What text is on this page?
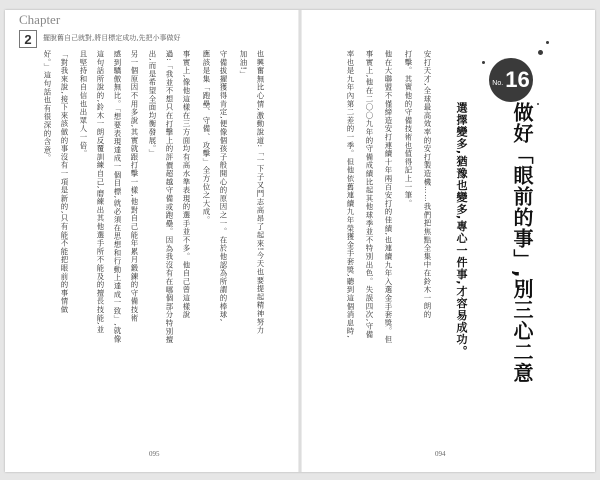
Chapter
2	擺脫舊自己就對,將目標定成功,先把小事做好
也興奮無比心情,激動說道:「一下子又鬥志高昂了起來!今天也要提起精神努力
加油!」
守備拔擢獲得肯定,便像個孩子般開心的原因之一。在於他認為所謂的棒球,
應該是集「跑壘、守備、攻擊」全方位之大成。
事實上,像他這樣在三方面均有高水準表現的選手並不多。他自己曾這樣說
過:「我並不想只在打擊上的評價超越守備或跑壘。因為我沒有在哪個部分特別擅
出,而是希望全面均衡發展。」
另一個原因不用多說,其實就跟打擊一樣,他對自己能年累月鍛鍊的守備技術
感到驕傲無比。「想要表現達成一個目標,就必須在思想和行動上達成一致」,就像
這句話所說的,鈴木一朗反覆訓練自己,磨練出其他選手所不能及的擅長技能,並
且堅持和自信也出眾人一倍。
「對我來說,接下來該做的事沒有一項是新的,只有能不能把眼前的事情做
好。」這句話也有很深的含意。
095
No. 16
做好「眼前的事」,別三心二意
選擇變多,猶豫也變多,專心一件事,才容易成功。
安打天才,全球最高效率的安打製造機……我們把焦點全集中在鈴木一朗的
打擊。其實他的守備技術也值得記上一筆。
他在大聯盟不僅締造安打連續十年兩百安打的佳績,也連續九年入選金手套獎。但
事實上,他在二〇〇九年的守備成績比起其他球季並不特別出色。失誤四次,守備
率也是九年內第二差的一季。但他依舊連續九年榮獲金手套獎,聽到這個消息時,
094
